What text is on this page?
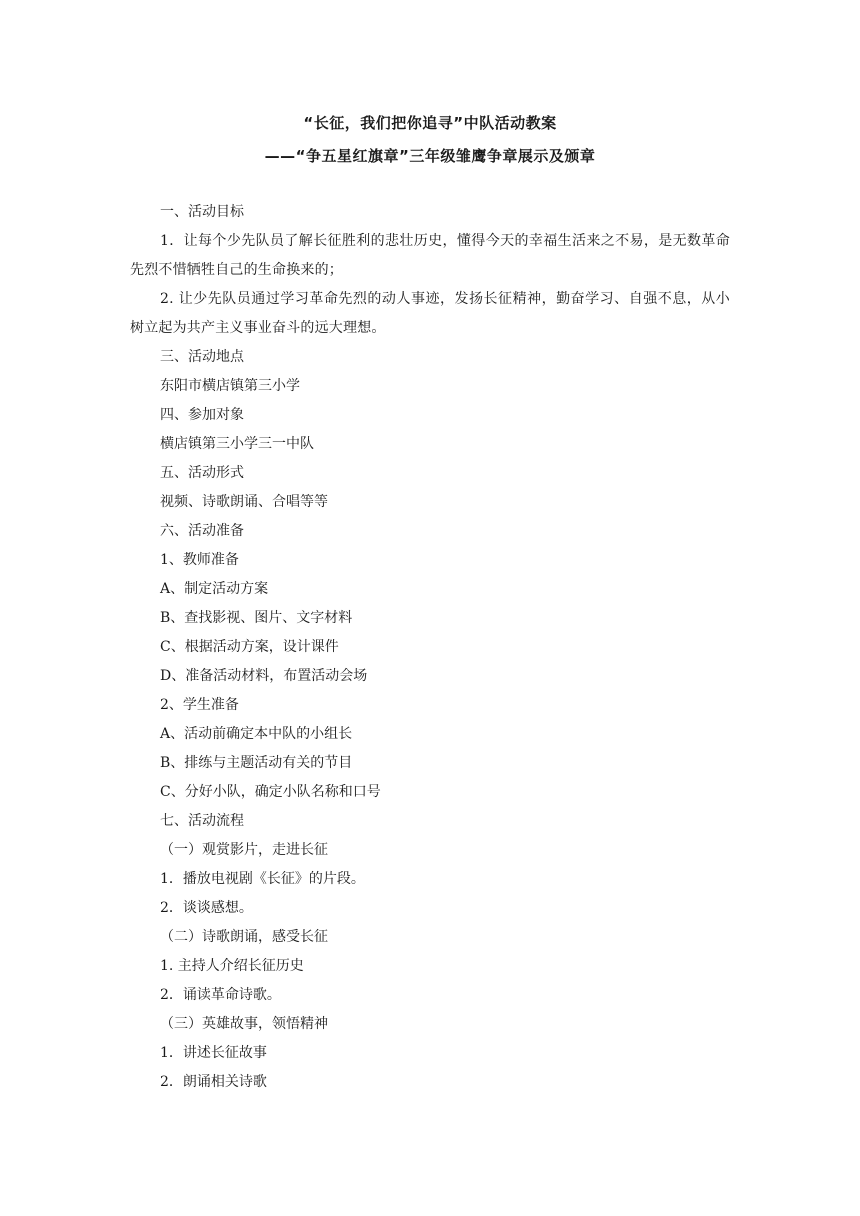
“长征，我们把你追寻”中队活动教案
——“争五星红旗章”三年级雏鹰争章展示及颁章
一、活动目标
1．让每个少先队员了解长征胜利的悲壮历史，懂得今天的幸福生活来之不易，是无数革命先烈不惜牺牲自己的生命换来的；
2. 让少先队员通过学习革命先烈的动人事迹，发扬长征精神，勤奋学习、自强不息，从小树立起为共产主义事业奋斗的远大理想。
三、活动地点
东阳市横店镇第三小学
四、参加对象
横店镇第三小学三一中队
五、活动形式
视频、诗歌朗诵、合唱等等
六、活动准备
1、教师准备
A、制定活动方案
B、查找影视、图片、文字材料
C、根据活动方案，设计课件
D、准备活动材料，布置活动会场
2、学生准备
A、活动前确定本中队的小组长
B、排练与主题活动有关的节目
C、分好小队，确定小队名称和口号
七、活动流程
（一）观赏影片，走进长征
1．播放电视剧《长征》的片段。
2．谈谈感想。
（二）诗歌朗诵，感受长征
1. 主持人介绍长征历史
2．诵读革命诗歌。
（三）英雄故事，领悟精神
1．讲述长征故事
2．朗诵相关诗歌
